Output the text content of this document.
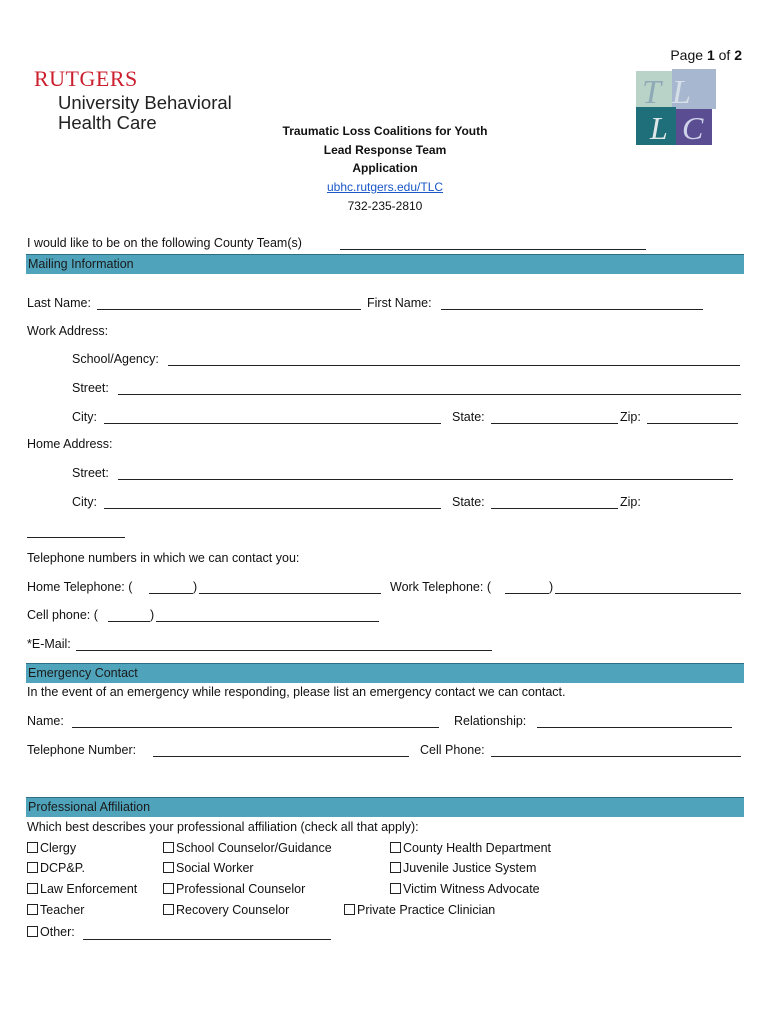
Page 1 of 2
RUTGERS
University Behavioral
Health Care
T L
L C
Traumatic Loss Coalitions for Youth
Lead Response Team
Application
ubhc.rutgers.edu/TLC
732-235-2810
I would like to be on the following County Team(s)
Mailing Information
Last Name:	First Name:
Work Address:
School/Agency:
Street:
City:	State:	Zip:
Home Address:
Street:
City:	State:	Zip:
Telephone numbers in which we can contact you:
Home Telephone: (	)	Work Telephone: (	)
Cell phone: (	)
*E-Mail:
Emergency Contact
In the event of an emergency while responding, please list an emergency contact we can contact.
Name:	Relationship:
Telephone Number:	Cell Phone:
Professional Affiliation
Which best describes your professional affiliation (check all that apply):
Clergy	School Counselor/Guidance	County Health Department
DCP&P.	Social Worker	Juvenile Justice System
Law Enforcement	Professional Counselor	Victim Witness Advocate
Teacher	Recovery Counselor	Private Practice Clinician
Other:
